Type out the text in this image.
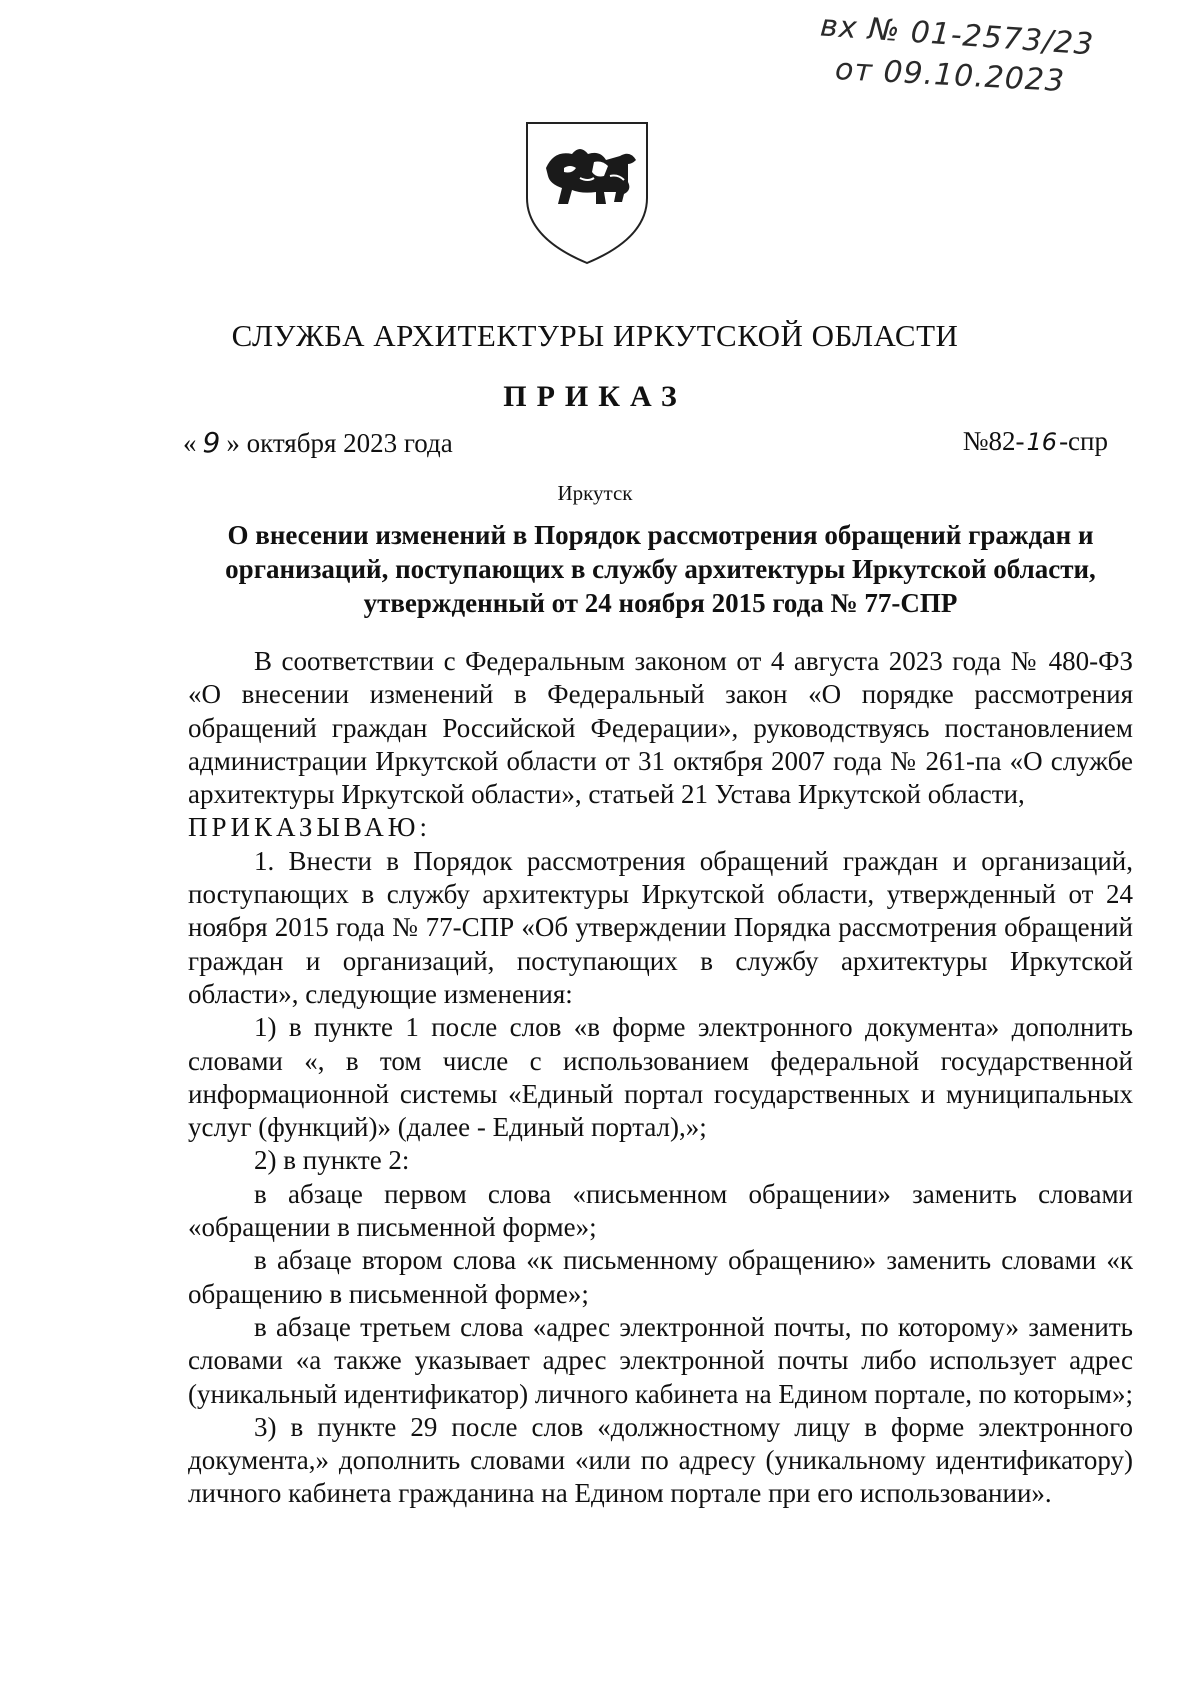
вх № 01-2573/23
от 09.10.2023
СЛУЖБА АРХИТЕКТУРЫ ИРКУТСКОЙ ОБЛАСТИ
ПРИКАЗ
« 9 » октября 2023 года	№82-16-спр
Иркутск
О внесении изменений в Порядок рассмотрения обращений граждан и организаций, поступающих в службу архитектуры Иркутской области, утвержденный от 24 ноября 2015 года № 77-СПР

В соответствии с Федеральным законом от 4 августа 2023 года № 480-ФЗ «О внесении изменений в Федеральный закон «О порядке рассмотрения обращений граждан Российской Федерации», руководствуясь постановлением администрации Иркутской области от 31 октября 2007 года № 261-па «О службе архитектуры Иркутской области», статьей 21 Устава Иркутской области,

ПРИКАЗЫВАЮ:

1. Внести в Порядок рассмотрения обращений граждан и организаций, поступающих в службу архитектуры Иркутской области, утвержденный от 24 ноября 2015 года № 77-СПР «Об утверждении Порядка рассмотрения обращений граждан и организаций, поступающих в службу архитектуры Иркутской области», следующие изменения:

1) в пункте 1 после слов «в форме электронного документа» дополнить словами «, в том числе с использованием федеральной государственной информационной системы «Единый портал государственных и муниципальных услуг (функций)» (далее - Единый портал),»;

2) в пункте 2:

в абзаце первом слова «письменном обращении» заменить словами «обращении в письменной форме»;

в абзаце втором слова «к письменному обращению» заменить словами «к обращению в письменной форме»;

в абзаце третьем слова «адрес электронной почты, по которому» заменить словами «а также указывает адрес электронной почты либо использует адрес (уникальный идентификатор) личного кабинета на Едином портале, по которым»;

3) в пункте 29 после слов «должностному лицу в форме электронного документа,» дополнить словами «или по адресу (уникальному идентификатору) личного кабинета гражданина на Едином портале при его использовании».
